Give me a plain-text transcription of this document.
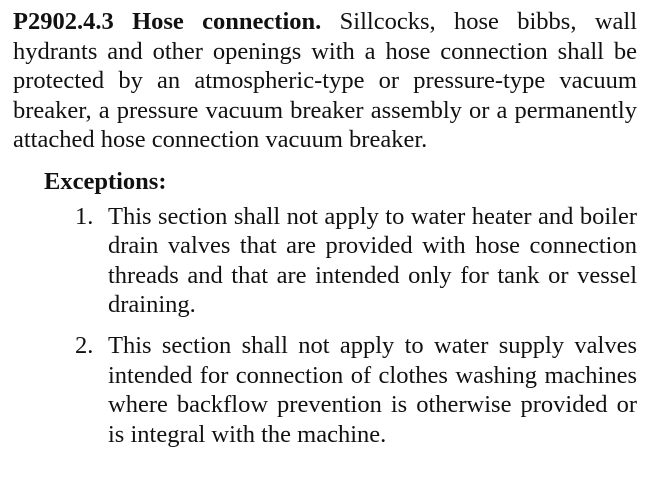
P2902.4.3 Hose connection. Sillcocks, hose bibbs, wall hydrants and other openings with a hose connection shall be protected by an atmospheric-type or pressure-type vacuum breaker, a pressure vacuum breaker assembly or a permanently attached hose connection vacuum breaker.

Exceptions:
1. This section shall not apply to water heater and boiler drain valves that are provided with hose connection threads and that are intended only for tank or vessel draining.
2. This section shall not apply to water supply valves intended for connection of clothes washing machines where backflow prevention is otherwise provided or is integral with the machine.
